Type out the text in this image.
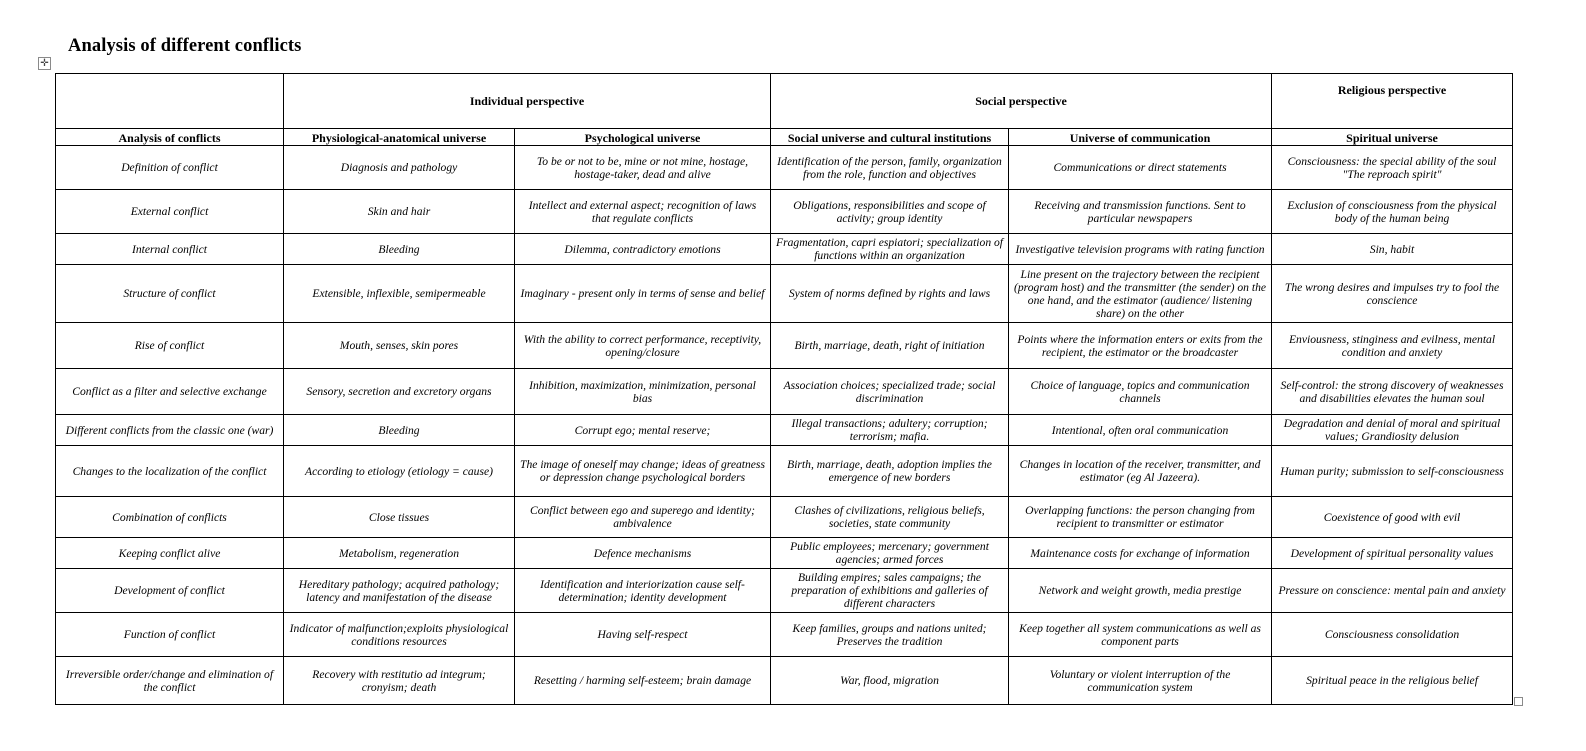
Analysis of different conflicts
✛
	Individual perspective		Social perspective		Religious perspective
Analysis of conflicts	Physiological-anatomical universe	Psychological universe	Social universe and cultural institutions	Universe of communication	Spiritual universe
Definition of conflict	Diagnosis and pathology	To be or not to be, mine or not mine, hostage, hostage-taker, dead and alive	Identification of the person, family, organization from the role, function and objectives	Communications or direct statements	Consciousness: the special ability of the soul "The reproach spirit"
External conflict	Skin and hair	Intellect and external aspect; recognition of laws that regulate conflicts	Obligations, responsibilities and scope of activity; group identity	Receiving and transmission functions. Sent to particular newspapers	Exclusion of consciousness from the physical body of the human being
Internal conflict	Bleeding	Dilemma, contradictory emotions	Fragmentation, capri espiatori; specialization of functions within an organization	Investigative television programs with rating function	Sin, habit
Structure of conflict	Extensible, inflexible, semipermeable	Imaginary - present only in terms of sense and belief	System of norms defined by rights and laws	Line present on the trajectory between the recipient (program host) and the transmitter (the sender) on the one hand, and the estimator (audience/ listening share) on the other	The wrong desires and impulses try to fool the conscience
Rise of conflict	Mouth, senses, skin pores	With the ability to correct performance, receptivity, opening/closure	Birth, marriage, death, right of initiation	Points where the information enters or exits from the recipient, the estimator or the broadcaster	Enviousness, stinginess and evilness, mental condition and anxiety
Conflict as a filter and selective exchange	Sensory, secretion and excretory organs	Inhibition, maximization, minimization, personal bias	Association choices; specialized trade; social discrimination	Choice of language, topics and communication channels	Self-control: the strong discovery of weaknesses and disabilities elevates the human soul
Different conflicts from the classic one (war)	Bleeding	Corrupt ego; mental reserve;	Illegal transactions; adultery; corruption; terrorism; mafia.	Intentional, often oral communication	Degradation and denial of moral and spiritual values; Grandiosity delusion
Changes to the localization of the conflict	According to etiology (etiology = cause)	The image of oneself may change; ideas of greatness or depression change psychological borders	Birth, marriage, death, adoption implies the emergence of new borders	Changes in location of the receiver, transmitter, and estimator (eg Al Jazeera).	Human purity; submission to self-consciousness
Combination of conflicts	Close tissues	Conflict between ego and superego and identity; ambivalence	Clashes of civilizations, religious beliefs, societies, state community	Overlapping functions: the person changing from recipient to transmitter or estimator	Coexistence of good with evil
Keeping conflict alive	Metabolism, regeneration	Defence mechanisms	Public employees; mercenary; government agencies; armed forces	Maintenance costs for exchange of information	Development of spiritual personality values
Development of conflict	Hereditary pathology; acquired pathology; latency and manifestation of the disease	Identification and interiorization cause self-determination; identity development	Building empires; sales campaigns; the preparation of exhibitions and galleries of different characters	Network and weight growth, media prestige	Pressure on conscience: mental pain and anxiety
Function of conflict	Indicator of malfunction;exploits physiological conditions resources	Having self-respect	Keep families, groups and nations united; Preserves the tradition	Keep together all system communications as well as component parts	Consciousness consolidation
Irreversible order/change and elimination of the conflict	Recovery with restitutio ad integrum; cronyism; death	Resetting / harming self-esteem; brain damage	War, flood, migration	Voluntary or violent interruption of the communication system	Spiritual peace in the religious belief
